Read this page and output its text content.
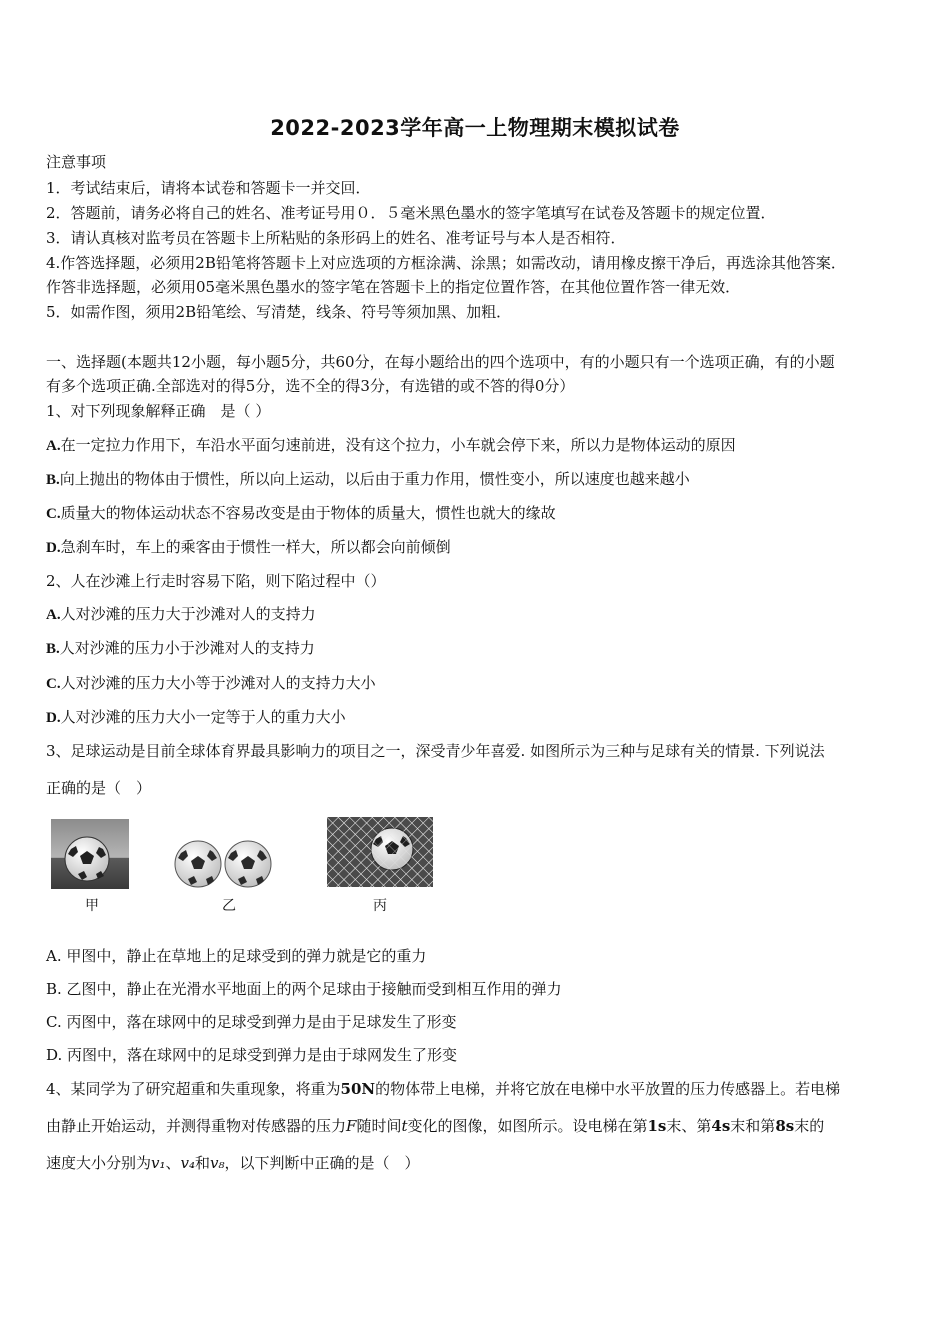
2022-2023学年高一上物理期末模拟试卷
注意事项
1．考试结束后，请将本试卷和答题卡一并交回．
2．答题前，请务必将自己的姓名、准考证号用０．５毫米黑色墨水的签字笔填写在试卷及答题卡的规定位置．
3．请认真核对监考员在答题卡上所粘贴的条形码上的姓名、准考证号与本人是否相符．
4.作答选择题，必须用2B铅笔将答题卡上对应选项的方框涂满、涂黑；如需改动，请用橡皮擦干净后，再选涂其他答案．
作答非选择题，必须用05毫米黑色墨水的签字笔在答题卡上的指定位置作答，在其他位置作答一律无效．
5．如需作图，须用2B铅笔绘、写清楚，线条、符号等须加黑、加粗．
一、选择题(本题共12小题，每小题5分，共60分，在每小题给出的四个选项中，有的小题只有一个选项正确，有的小题
有多个选项正确.全部选对的得5分，选不全的得3分，有选错的或不答的得0分）
1、对下列现象解释正确　是（ ）
A.在一定拉力作用下，车沿水平面匀速前进，没有这个拉力，小车就会停下来，所以力是物体运动的原因
B.向上抛出的物体由于惯性，所以向上运动，以后由于重力作用，惯性变小，所以速度也越来越小
C.质量大的物体运动状态不容易改变是由于物体的质量大，惯性也就大的缘故
D.急刹车时，车上的乘客由于惯性一样大，所以都会向前倾倒
2、人在沙滩上行走时容易下陷，则下陷过程中（）
A.人对沙滩的压力大于沙滩对人的支持力
B.人对沙滩的压力小于沙滩对人的支持力
C.人对沙滩的压力大小等于沙滩对人的支持力大小
D.人对沙滩的压力大小一定等于人的重力大小
3、足球运动是目前全球体育界最具影响力的项目之一，深受青少年喜爱. 如图所示为三种与足球有关的情景. 下列说法
正确的是（　）
甲	乙	丙
A. 甲图中，静止在草地上的足球受到的弹力就是它的重力
B. 乙图中，静止在光滑水平地面上的两个足球由于接触而受到相互作用的弹力
C. 丙图中，落在球网中的足球受到弹力是由于足球发生了形变
D. 丙图中，落在球网中的足球受到弹力是由于球网发生了形变
4、某同学为了研究超重和失重现象，将重为50N的物体带上电梯，并将它放在电梯中水平放置的压力传感器上。若电梯
由静止开始运动，并测得重物对传感器的压力F随时间t变化的图像，如图所示。设电梯在第1s末、第4s末和第8s末的
速度大小分别为v₁、v₄和v₈，以下判断中正确的是（　）
